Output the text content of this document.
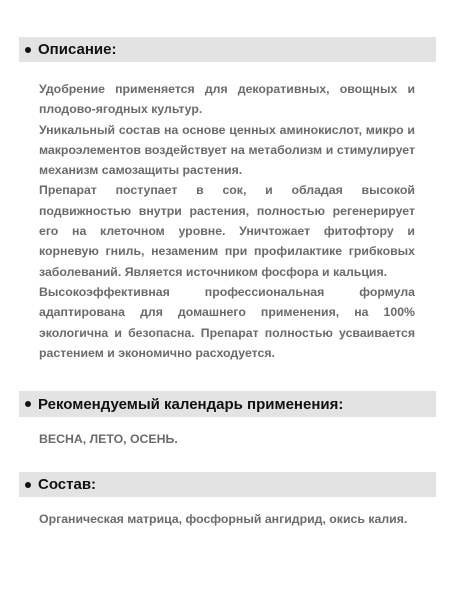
Описание:

Удобрение применяется для декоративных, овощных и плодово-ягодных культур.

Уникальный состав на основе ценных аминокислот, микро и макроэлементов воздействует на метаболизм и стимулирует механизм самозащиты растения.

Препарат поступает в сок, и обладая высокой подвижностью внутри растения, полностью регенерирует его на клеточном уровне. Уничтожает фитофтору и корневую гниль, незаменим при профилактике грибковых заболеваний. Является источником фосфора и кальция.

Высокоэффективная профессиональная формула адаптирована для домашнего применения, на 100% экологична и безопасна. Препарат полностью усваивается растением и экономично расходуется.

Рекомендуемый календарь применения:

ВЕСНА, ЛЕТО, ОСЕНЬ.

Состав:

Органическая матрица, фосфорный ангидрид, окись калия.
